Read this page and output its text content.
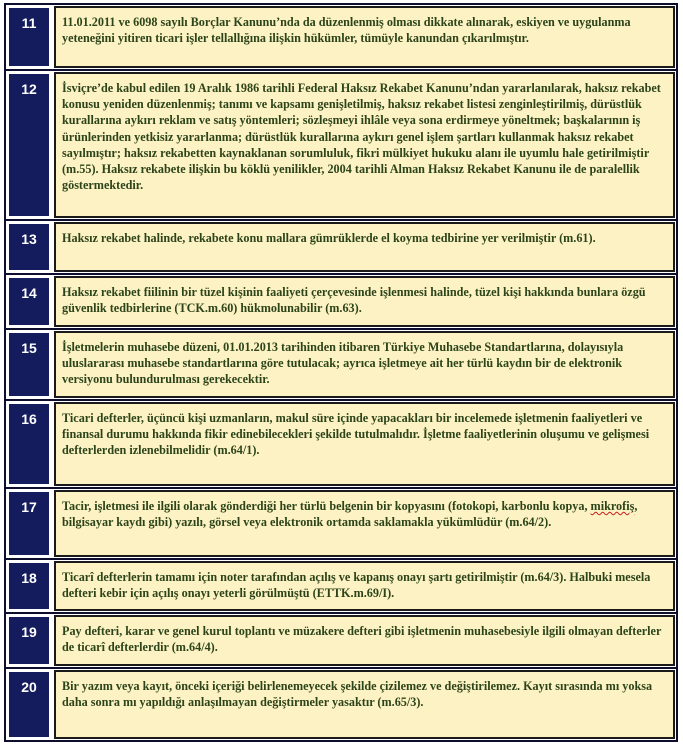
11	11.01.2011 ve 6098 sayılı Borçlar Kanunu’nda da düzenlenmiş olması dikkate alınarak, eskiyen ve uygulanma yeteneğini yitiren ticari işler tellallığına ilişkin hükümler, tümüyle kanundan çıkarılmıştır.
12	İsviçre’de kabul edilen 19 Aralık 1986 tarihli Federal Haksız Rekabet Kanunu’ndan yararlanılarak, haksız rekabet konusu yeniden düzenlenmiş; tanımı ve kapsamı genişletilmiş, haksız rekabet listesi zenginleştirilmiş, dürüstlük kurallarına aykırı reklam ve satış yöntemleri; sözleşmeyi ihlâle veya sona erdirmeye yöneltmek; başkalarının iş ürünlerinden yetkisiz yararlanma; dürüstlük kurallarına aykırı genel işlem şartları kullanmak haksız rekabet sayılmıştır; haksız rekabetten kaynaklanan sorumluluk, fikri mülkiyet hukuku alanı ile uyumlu hale getirilmiştir (m.55). Haksız rekabete ilişkin bu köklü yenilikler, 2004 tarihli Alman Haksız Rekabet Kanunu ile de paralellik göstermektedir.
13	Haksız rekabet halinde, rekabete konu mallara gümrüklerde el koyma tedbirine yer verilmiştir (m.61).
14	Haksız rekabet fiilinin bir tüzel kişinin faaliyeti çerçevesinde işlenmesi halinde, tüzel kişi hakkında bunlara özgü güvenlik tedbirlerine (TCK.m.60) hükmolunabilir (m.63).
15	İşletmelerin muhasebe düzeni, 01.01.2013 tarihinden itibaren Türkiye Muhasebe Standartlarına, dolayısıyla uluslararası muhasebe standartlarına göre tutulacak; ayrıca işletmeye ait her türlü kaydın bir de elektronik versiyonu bulundurulması gerekecektir.
16	Ticari defterler, üçüncü kişi uzmanların, makul süre içinde yapacakları bir incelemede işletmenin faaliyetleri ve finansal durumu hakkında fikir edinebilecekleri şekilde tutulmalıdır. İşletme faaliyetlerinin oluşumu ve gelişmesi defterlerden izlenebilmelidir (m.64/1).
17	Tacir, işletmesi ile ilgili olarak gönderdiği her türlü belgenin bir kopyasını (fotokopi, karbonlu kopya, mikrofiş, bilgisayar kaydı gibi) yazılı, görsel veya elektronik ortamda saklamakla yükümlüdür (m.64/2).
18	Ticarî defterlerin tamamı için noter tarafından açılış ve kapanış onayı şartı getirilmiştir (m.64/3). Halbuki mesela defteri kebir için açılış onayı yeterli görülmüştü (ETTK.m.69/I).
19	Pay defteri, karar ve genel kurul toplantı ve müzakere defteri gibi işletmenin muhasebesiyle ilgili olmayan defterler de ticarî defterlerdir (m.64/4).
20	Bir yazım veya kayıt, önceki içeriği belirlenemeyecek şekilde çizilemez ve değiştirilemez. Kayıt sırasında mı yoksa daha sonra mı yapıldığı anlaşılmayan değiştirmeler yasaktır (m.65/3).
